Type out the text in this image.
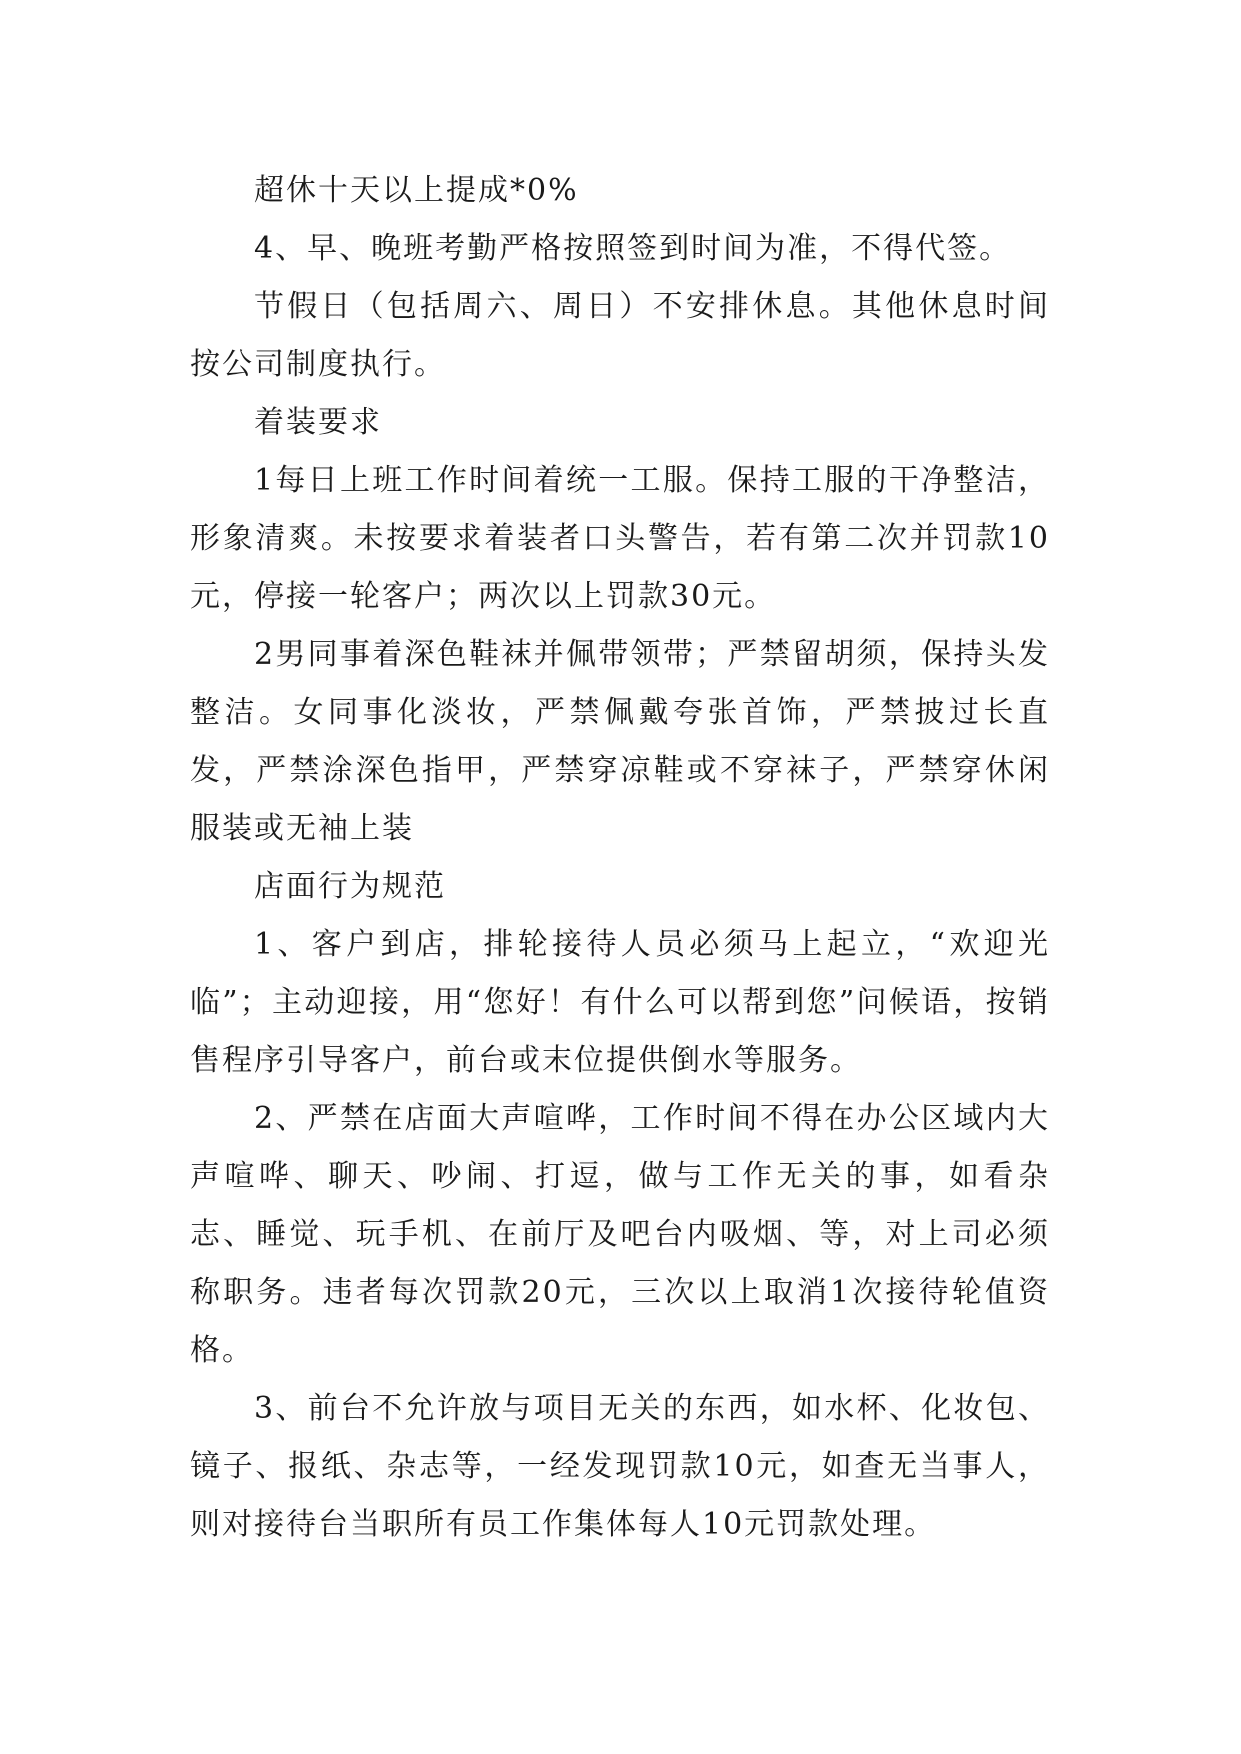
超休十天以上提成*0%

4、早、晚班考勤严格按照签到时间为准，不得代签。

节假日（包括周六、周日）不安排休息。其他休息时间按公司制度执行。

着装要求

1每日上班工作时间着统一工服。保持工服的干净整洁，形象清爽。未按要求着装者口头警告，若有第二次并罚款10元，停接一轮客户；两次以上罚款30元。

2男同事着深色鞋袜并佩带领带；严禁留胡须，保持头发整洁。女同事化淡妆，严禁佩戴夸张首饰，严禁披过长直发，严禁涂深色指甲，严禁穿凉鞋或不穿袜子，严禁穿休闲服装或无袖上装

店面行为规范

1、客户到店，排轮接待人员必须马上起立，“欢迎光临”；主动迎接，用“您好！有什么可以帮到您”问候语，按销售程序引导客户，前台或末位提供倒水等服务。

2、严禁在店面大声喧哗，工作时间不得在办公区域内大声喧哗、聊天、吵闹、打逗，做与工作无关的事，如看杂志、睡觉、玩手机、在前厅及吧台内吸烟、等，对上司必须称职务。违者每次罚款20元，三次以上取消1次接待轮值资格。

3、前台不允许放与项目无关的东西，如水杯、化妆包、镜子、报纸、杂志等，一经发现罚款10元，如查无当事人，则对接待台当职所有员工作集体每人10元罚款处理。
